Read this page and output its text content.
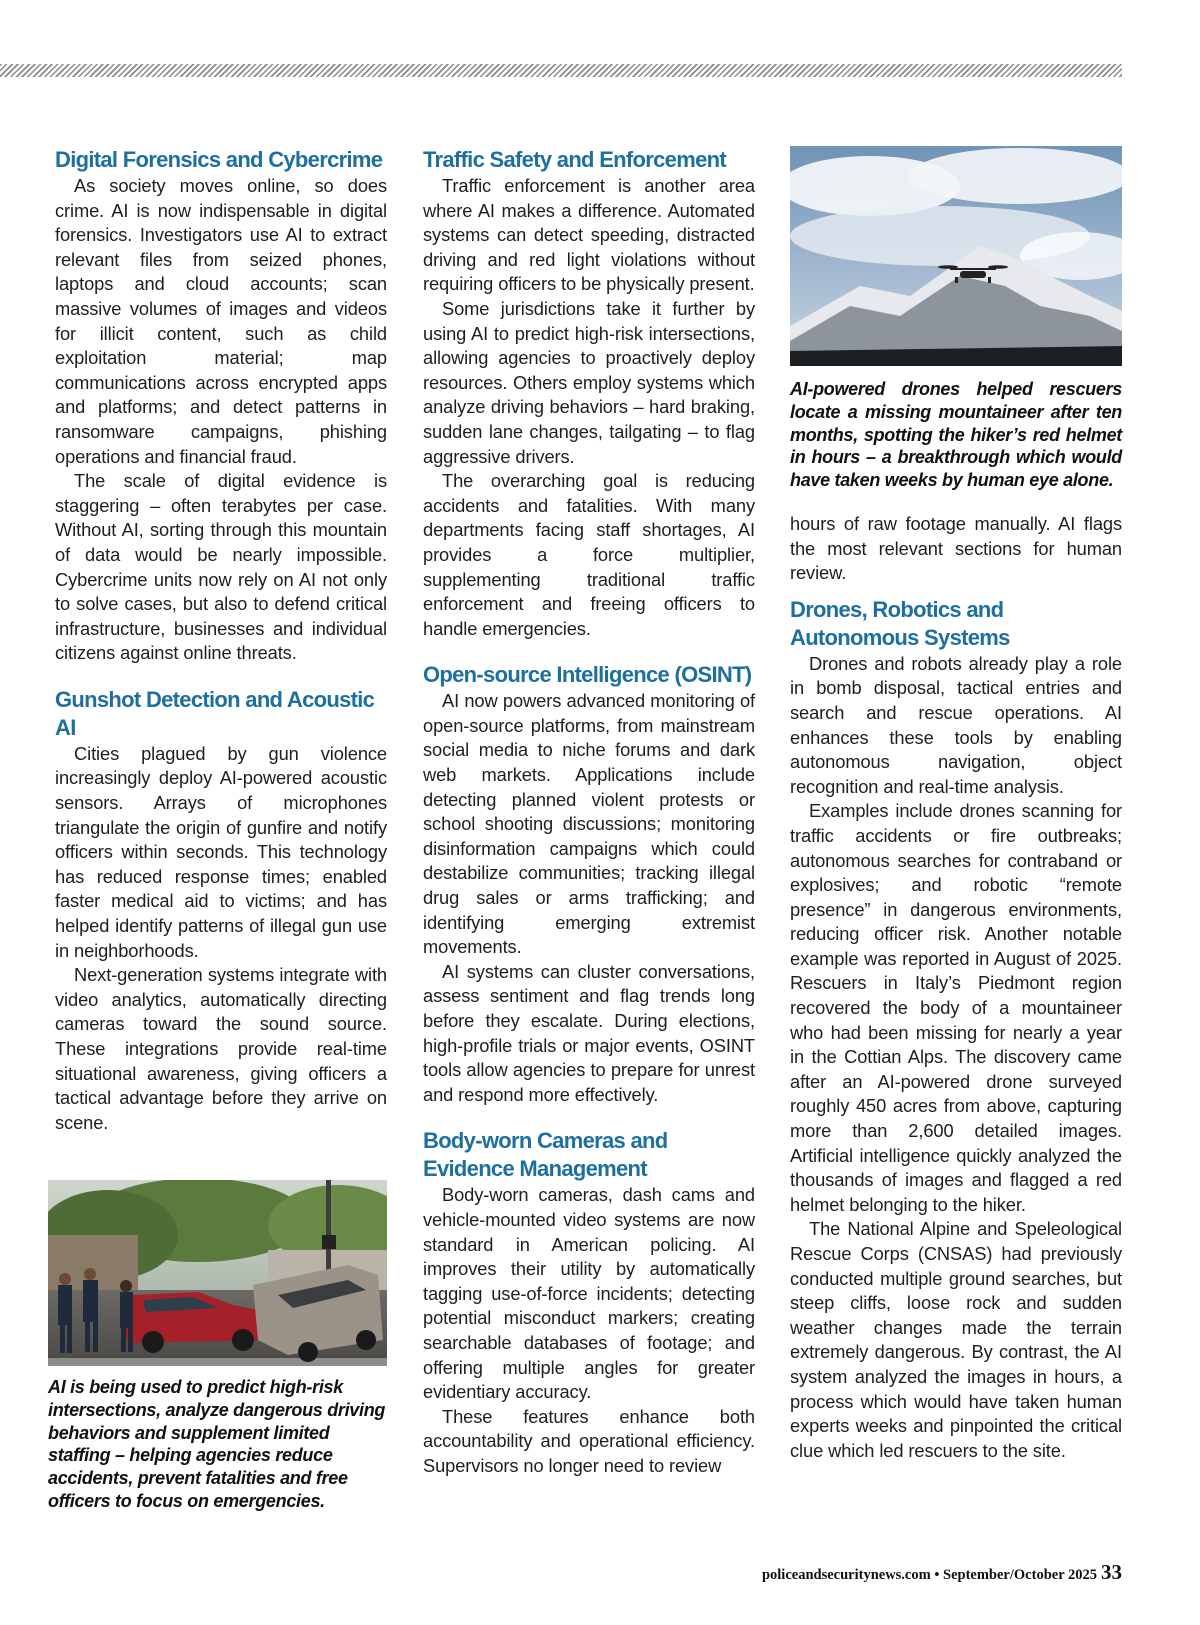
Digital Forensics and Cybercrime

As society moves online, so does crime. AI is now indispensable in digital forensics. Investigators use AI to extract relevant files from seized phones, laptops and cloud accounts; scan massive volumes of images and videos for illicit content, such as child exploitation material; map communications across encrypted apps and platforms; and detect patterns in ransomware campaigns, phishing operations and financial fraud.

The scale of digital evidence is staggering – often terabytes per case. Without AI, sorting through this mountain of data would be nearly impossible. Cybercrime units now rely on AI not only to solve cases, but also to defend critical infrastructure, businesses and individual citizens against online threats.

Gunshot Detection and Acoustic AI

Cities plagued by gun violence increasingly deploy AI-powered acoustic sensors. Arrays of microphones triangulate the origin of gunfire and notify officers within seconds. This technology has reduced response times; enabled faster medical aid to victims; and has helped identify patterns of illegal gun use in neighborhoods.

Next-generation systems integrate with video analytics, automatically directing cameras toward the sound source. These integrations provide real-time situational awareness, giving officers a tactical advantage before they arrive on scene.

AI is being used to predict high-risk intersections, analyze dangerous driving behaviors and supplement limited staffing – helping agencies reduce accidents, prevent fatalities and free officers to focus on emergencies.
Traffic Safety and Enforcement

Traffic enforcement is another area where AI makes a difference. Automated systems can detect speeding, distracted driving and red light violations without requiring officers to be physically present.

Some jurisdictions take it further by using AI to predict high-risk intersections, allowing agencies to proactively deploy resources. Others employ systems which analyze driving behaviors – hard braking, sudden lane changes, tailgating – to flag aggressive drivers.

The overarching goal is reducing accidents and fatalities. With many departments facing staff shortages, AI provides a force multiplier, supplementing traditional traffic enforcement and freeing officers to handle emergencies.

Open-source Intelligence (OSINT)

AI now powers advanced monitoring of open-source platforms, from mainstream social media to niche forums and dark web markets. Applications include detecting planned violent protests or school shooting discussions; monitoring disinformation campaigns which could destabilize communities; tracking illegal drug sales or arms trafficking; and identifying emerging extremist movements.

AI systems can cluster conversations, assess sentiment and flag trends long before they escalate. During elections, high-profile trials or major events, OSINT tools allow agencies to prepare for unrest and respond more effectively.

Body-worn Cameras and Evidence Management

Body-worn cameras, dash cams and vehicle-mounted video systems are now standard in American policing. AI improves their utility by automatically tagging use-of-force incidents; detecting potential misconduct markers; creating searchable databases of footage; and offering multiple angles for greater evidentiary accuracy.

These features enhance both accountability and operational efficiency. Supervisors no longer need to review

AI-powered drones helped rescuers locate a missing mountaineer after ten months, spotting the hiker’s red helmet in hours – a breakthrough which would have taken weeks by human eye alone.

hours of raw footage manually. AI flags the most relevant sections for human review.

Drones, Robotics and Autonomous Systems

Drones and robots already play a role in bomb disposal, tactical entries and search and rescue operations. AI enhances these tools by enabling autonomous navigation, object recognition and real-time analysis.

Examples include drones scanning for traffic accidents or fire outbreaks; autonomous searches for contraband or explosives; and robotic “remote presence” in dangerous environments, reducing officer risk. Another notable example was reported in August of 2025. Rescuers in Italy’s Piedmont region recovered the body of a mountaineer who had been missing for nearly a year in the Cottian Alps. The discovery came after an AI-powered drone surveyed roughly 450 acres from above, capturing more than 2,600 detailed images. Artificial intelligence quickly analyzed the thousands of images and flagged a red helmet belonging to the hiker.

The National Alpine and Speleological Rescue Corps (CNSAS) had previously conducted multiple ground searches, but steep cliffs, loose rock and sudden weather changes made the terrain extremely dangerous. By contrast, the AI system analyzed the images in hours, a process which would have taken human experts weeks and pinpointed the critical clue which led rescuers to the site.

policeandsecuritynews.com • September/October 2025 33
